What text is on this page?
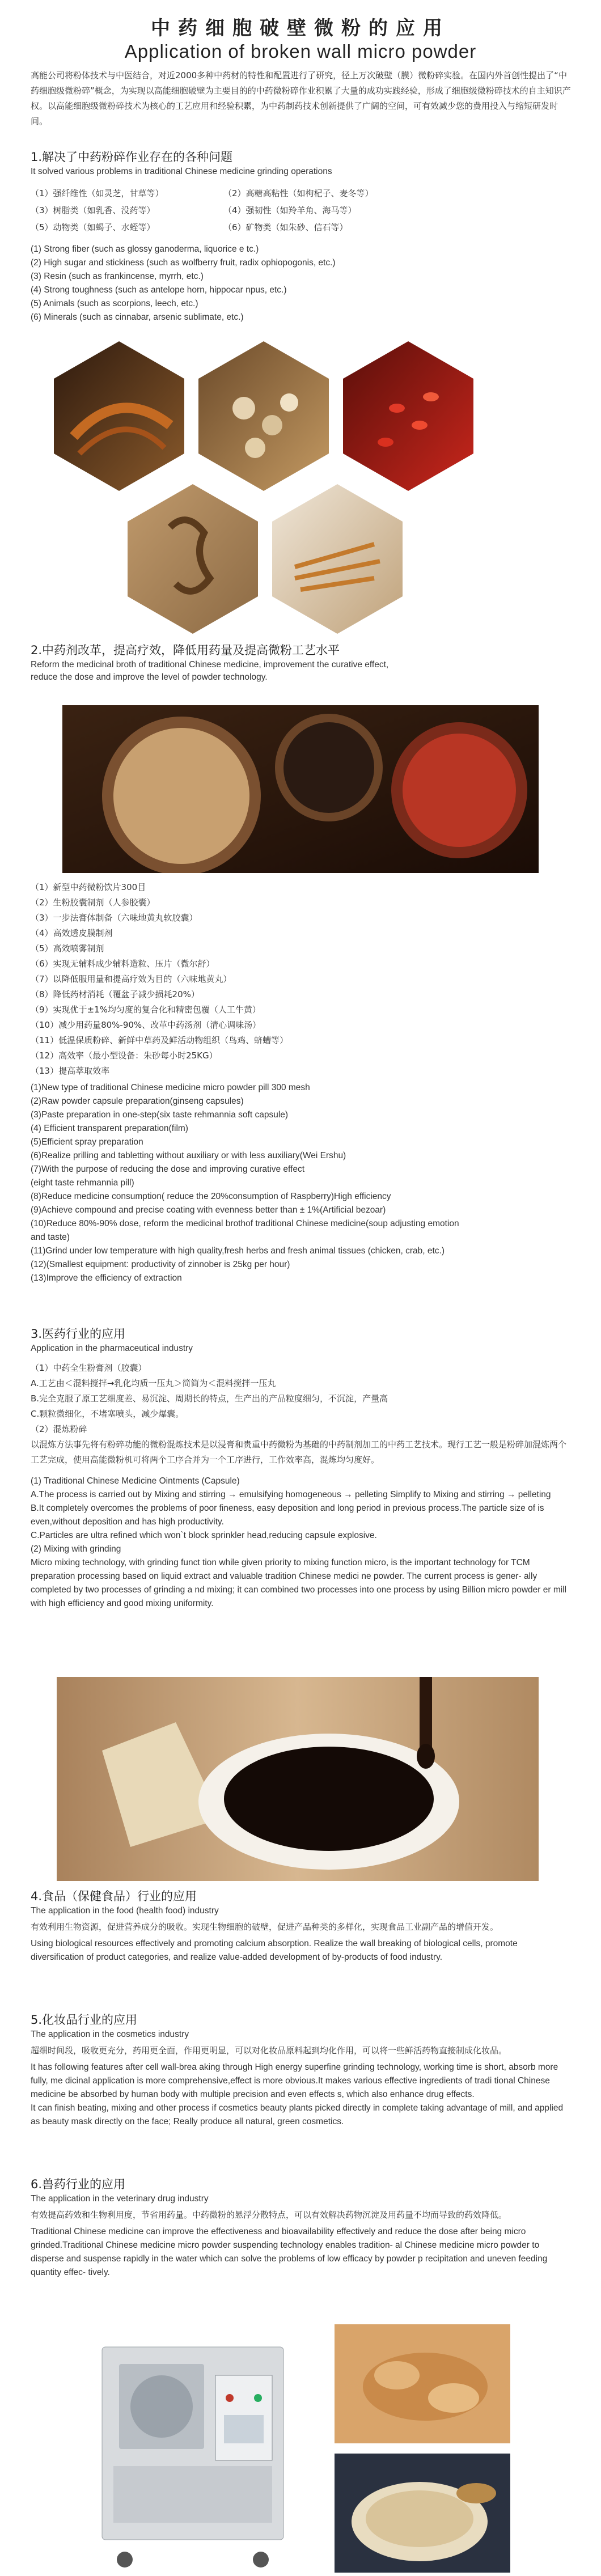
中药细胞破壁微粉的应用
Application of broken wall micro powder

高能公司将粉体技术与中医结合，对近2000多种中药材的特性和配置进行了研究，径上万次破壁（膜）微粉碎实验。在国内外首创性提出了“中药细胞级微粉碎”概念，为实现以高能细胞破壁为主要目的的中药微粉碎作业积累了大量的成功实践经验，形成了细胞级微粉碎技术的自主知识产权。以高能细胞级微粉碎技术为核心的工艺应用和经验积累，为中药制药技术创新提供了广阔的空间，可有效减少您的费用投入与缩短研发时间。

1.解决了中药粉碎作业存在的各种问题

It solved various problems in traditional Chinese medicine grinding operations

（1）强纤维性（如灵芝，甘草等）	（2）高糖高粘性（如枸杞子、麦冬等）
（3）树脂类（如乳香、没药等）	（4）强韧性（如羚羊角、海马等）
（5）动物类（如蝎子、水蛭等）	（6）矿物类（如朱砂、信石等）

(1) Strong fiber (such as glossy ganoderma, liquorice e tc.)

(2) High sugar and stickiness (such as wolfberry fruit, radix ophiopogonis, etc.)

(3) Resin (such as frankincense, myrrh, etc.)

(4) Strong toughness (such as antelope horn, hippocar npus, etc.)

(5) Animals (such as scorpions, leech, etc.)

(6) Minerals (such as cinnabar, arsenic sublimate, etc.)

2.中药剂改革，提高疗效，降低用药量及提高微粉工艺水平

Reform the medicinal broth of traditional Chinese medicine, improvement the curative effect,

reduce the dose and improve the level of powder technology.

（1）新型中药微粉饮片300目

（2）生粉胶囊制剂（人参胶囊）

（3）一步法膏体制备（六味地黄丸软胶囊）

（4）高效透皮膜制剂

（5）高效喷雾制剂

（6）实现无辅料成少辅料造粒、压片（微尔舒）

（7）以降低服用量和提高疗效为目的（六味地黄丸）

（8）降低药材消耗（覆盆子减少损耗20%）

（9）实现优于±1%均匀度的复合化和精密包覆（人工牛黄）

（10）减少用药量80%-90%、改革中药汤剂（清心调味汤）

（11）低温保质粉碎、新鲜中草药及鲜活动物组织（鸟鸡、蛴螬等）

（12）高效率（最小型设备：朱砂每小时25KG）

（13）提高萃取效率

(1)New type of traditional Chinese medicine micro powder pill 300 mesh

(2)Raw powder capsule preparation(ginseng capsules)

(3)Paste preparation in one-step(six taste rehmannia soft capsule)

(4) Efficient transparent preparation(film)

(5)Efficient spray preparation

(6)Realize prilling and tabletting without auxiliary or with less auxiliary(Wei Ershu)

(7)With the purpose of reducing the dose and improving curative effect

(eight taste rehmannia pill)

(8)Reduce medicine consumption( reduce the 20%consumption of Raspberry)High efficiency

(9)Achieve compound and precise coating with evenness better than ± 1%(Artificial bezoar)

(10)Reduce 80%-90% dose, reform the medicinal brothof traditional Chinese medicine(soup adjusting emotion

and taste)

(11)Grind under low temperature with high quality,fresh herbs and fresh animal tissues (chicken, crab, etc.)

(12)(Smallest equipment: productivity of zinnober is 25kg per hour)

(13)Improve the efficiency of extraction

3.医药行业的应用

Application in the pharmaceutical industry

（1）中药全生粉膏剂（胶囊）

A.工艺由＜混料搅拌→乳化均质一压丸＞简简为＜混料搅拌一压丸

B.完全克服了原工艺细度差、易沉淀、周期长的特点，生产出的产品粒度细匀，不沉淀，产量高

C.颗粒微细化，不堵塞喷头，减少爆囊。

（2）混炼粉碎

以混炼方法事先将有粉碎功能的微粉混炼技术是以浸膏和贵重中药微粉为基础的中药制剂加工的中药工艺技术。现行工艺一般是粉碎加混炼两个工艺完成，使用高能微粉机可将两个工序合并为一个工序进行，工作效率高，混炼均匀度好。

(1) Traditional Chinese Medicine Ointments (Capsule)

A.The process is carried out by Mixing and stirring → emulsifying homogeneous → pelleting Simplify to Mixing and stirring → pelleting

B.It completely overcomes the problems of poor fineness, easy deposition and long period in previous process.The particle size of is even,without deposition and has high productivity.

C.Particles are ultra refined which won`t block sprinkler head,reducing capsule explosive.

(2) Mixing with grinding

Micro mixing technology, with grinding funct tion while given priority to mixing function micro, is the important technology for TCM preparation processing based on liquid extract and valuable tradition Chinese medici ne powder. The current process is gener- ally completed by two processes of grinding a nd mixing; it can combined two processes into one process by using Billion micro powder er mill with high efficiency and good mixing uniformity.

4.食品（保健食品）行业的应用

The application in the food (health food) industry

有效利用生物资源，促进营养成分的吸收。实现生物细胞的破壁，促进产品种类的多样化，实现食品工业副产品的增值开发。

Using biological resources effectively and promoting calcium absorption. Realize the wall breaking of biological cells, promote diversification of product categories, and realize value-added development of by-products of food industry.

5.化妆品行业的应用

The application in the cosmetics industry

超细时间段，吸收更充分，药用更全面，作用更明显，可以对化妆品原料起到均化作用，可以将一些鲜活药物直接制成化妆品。

It has following features after cell wall-brea aking through High energy superfine grinding technology, working time is short, absorb more fully, me dicinal application is more comprehensive,effect is more obvious.It makes various effective ingredients of tradi tional Chinese medicine be absorbed by human body with multiple precision and even effects s, which also enhance drug effects.

It can finish beating, mixing and other process if cosmetics beauty plants picked directly in complete taking advantage of mill, and applied as beauty mask directly on the face; Really produce all natural, green cosmetics.

6.兽药行业的应用

The application in the veterinary drug industry

有效提高药效和生物利用度，节省用药量。中药微粉的悬浮分散特点，可以有效解决药物沉淀及用药量不均而导致的药效降低。

Traditional Chinese medicine can improve the effectiveness and bioavailability effectively and reduce the dose after being micro grinded.Traditional Chinese medicine micro powder suspending technology enables tradition- al Chinese medicine micro powder to disperse and suspense rapidly in the water which can solve the problems of low efficacy by powder p recipitation and uneven feeding quantity effec- tively.
